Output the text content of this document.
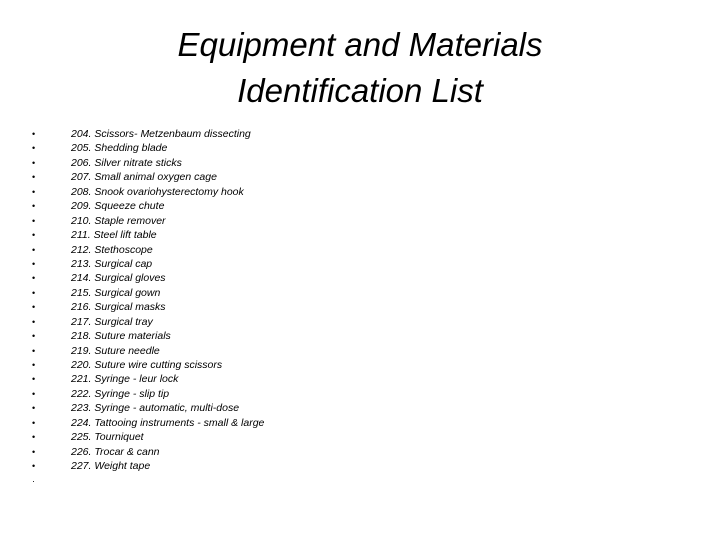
Equipment and Materials
Identification List
•
•
•
•
•
•
•
•
•
•
•
•
•
•
•
•
•
•
•
•
•
•
•
•
·
204. Scissors- Metzenbaum dissecting
205. Shedding blade
206. Silver nitrate sticks
207. Small animal oxygen cage
208. Snook ovariohysterectomy hook
209. Squeeze chute
210. Staple remover
211. Steel lift table
212. Stethoscope
213. Surgical cap
214. Surgical gloves
215. Surgical gown
216. Surgical masks
217. Surgical tray
218. Suture materials
219. Suture needle
220. Suture wire cutting scissors
221. Syringe - leur lock
222. Syringe - slip tip
223. Syringe - automatic, multi-dose
224. Tattooing instruments - small & large
225. Tourniquet
226. Trocar & cann
227. Weight tape
